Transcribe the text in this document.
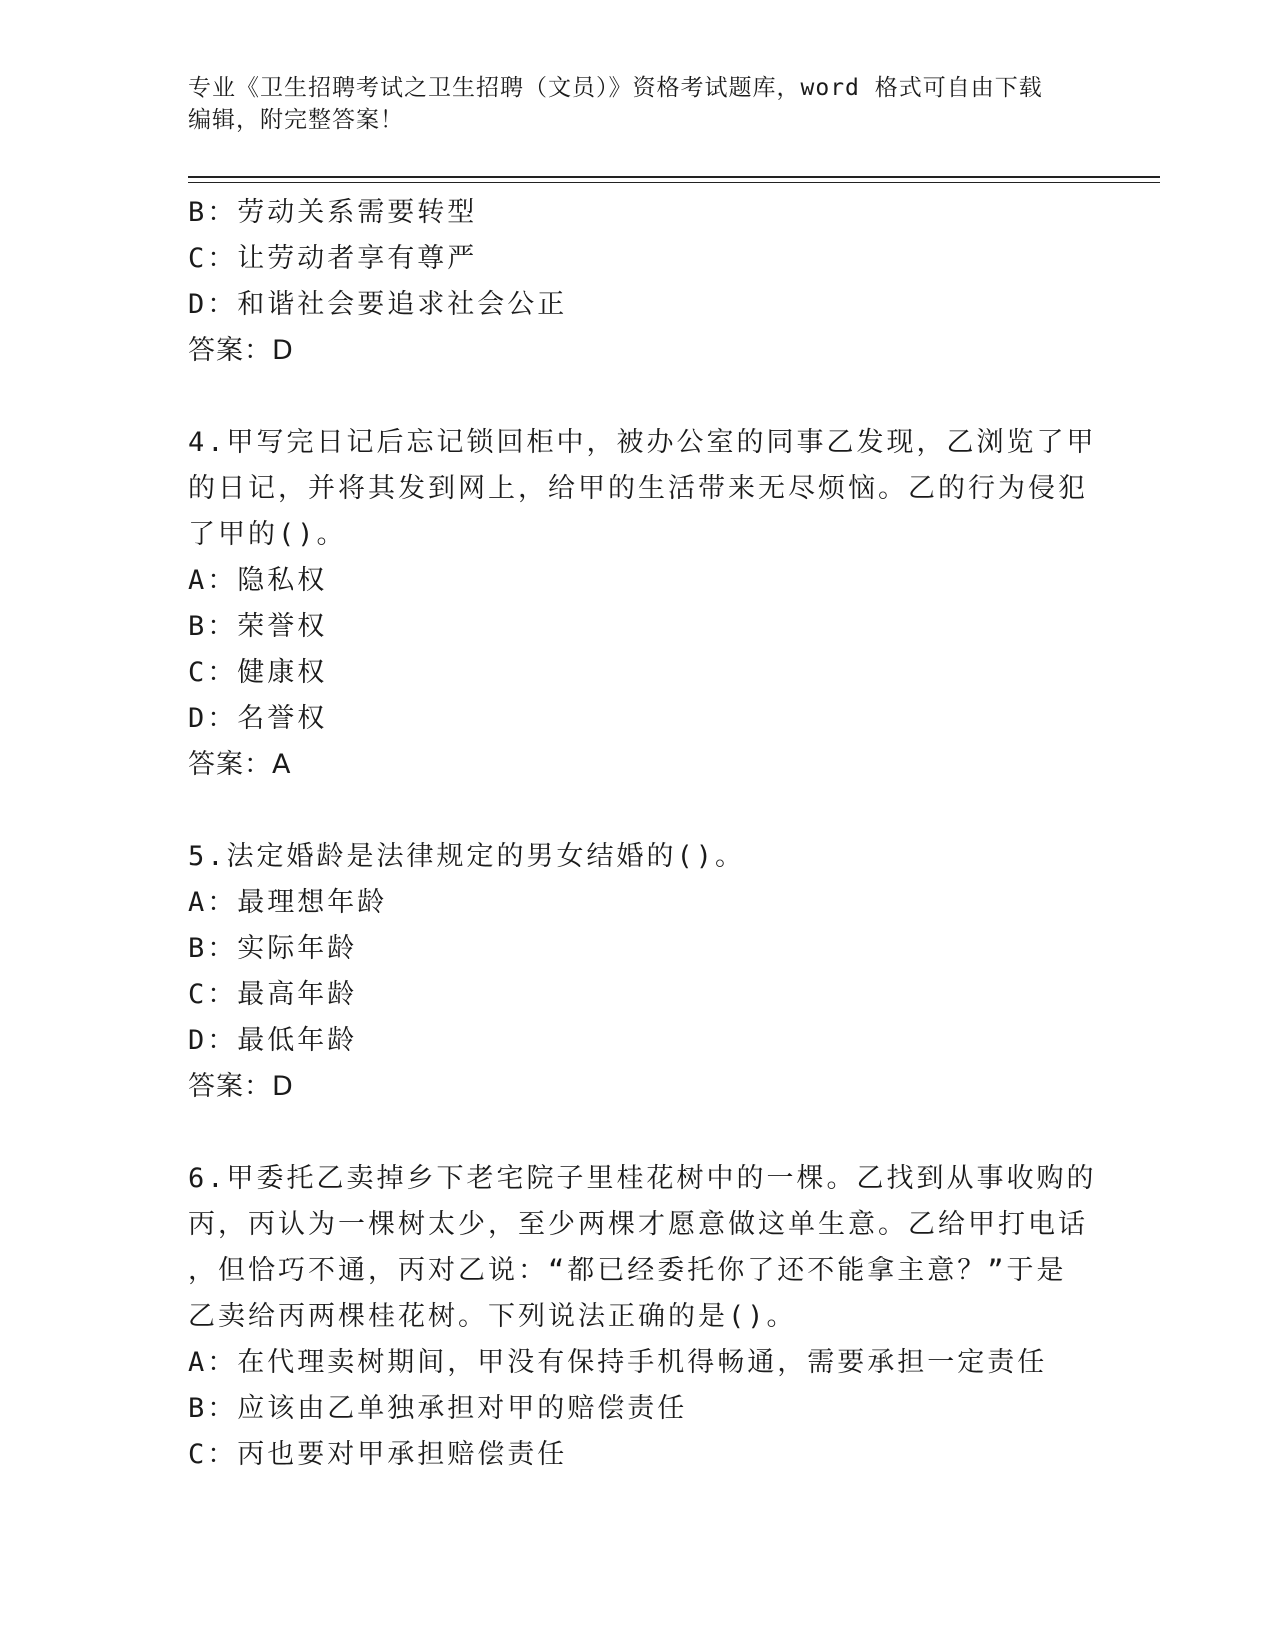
专业《卫生招聘考试之卫生招聘（文员）》资格考试题库，word 格式可自由下载
编辑，附完整答案！
B：劳动关系需要转型
C：让劳动者享有尊严
D：和谐社会要追求社会公正
答案：D
4.甲写完日记后忘记锁回柜中，被办公室的同事乙发现，乙浏览了甲
的日记，并将其发到网上，给甲的生活带来无尽烦恼。乙的行为侵犯
了甲的()。
A：隐私权
B：荣誉权
C：健康权
D：名誉权
答案：A
5.法定婚龄是法律规定的男女结婚的()。
A：最理想年龄
B：实际年龄
C：最高年龄
D：最低年龄
答案：D
6.甲委托乙卖掉乡下老宅院子里桂花树中的一棵。乙找到从事收购的
丙，丙认为一棵树太少，至少两棵才愿意做这单生意。乙给甲打电话
，但恰巧不通，丙对乙说：“都已经委托你了还不能拿主意？”于是
乙卖给丙两棵桂花树。下列说法正确的是()。
A：在代理卖树期间，甲没有保持手机得畅通，需要承担一定责任
B：应该由乙单独承担对甲的赔偿责任
C：丙也要对甲承担赔偿责任
